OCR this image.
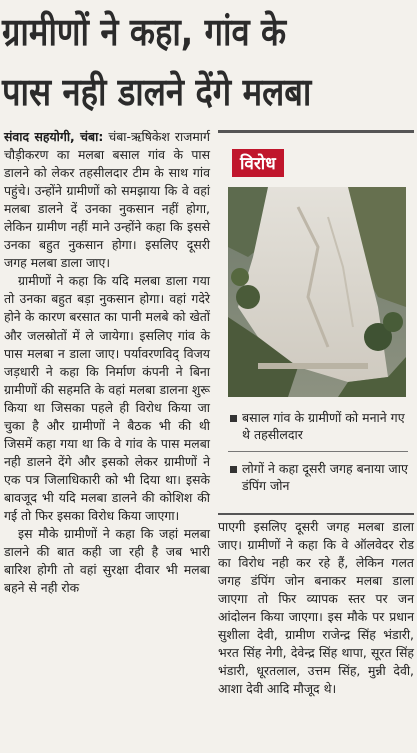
ग्रामीणों ने कहा, गांव के
पास नही डालने देंगे मलबा

संवाद सहयोगी, चंबा: चंबा-ऋषिकेश राजमार्ग चौड़ीकरण का मलबा बसाल गांव के पास डालने को लेकर तहसीलदार टीम के साथ गांव पहुंचे। उन्होंने ग्रामीणों को समझाया कि वे वहां मलबा डालने दें उनका नुकसान नहीं होगा, लेकिन ग्रामीण नहीं माने उन्होंने कहा कि इससे उनका बहुत नुकसान होगा। इसलिए दूसरी जगह मलबा डाला जाए।

ग्रामीणों ने कहा कि यदि मलबा डाला गया तो उनका बहुत बड़ा नुकसान होगा। वहां गदेरे होने के कारण बरसात का पानी मलबे को खेतों और जलस्रोतों में ले जायेगा। इसलिए गांव के पास मलबा न डाला जाए। पर्यावरणविद् विजय जड़धारी ने कहा कि निर्माण कंपनी ने बिना ग्रामीणों की सहमति के वहां मलबा डालना शुरू किया था जिसका पहले ही विरोध किया जा चुका है और ग्रामीणों ने बैठक भी की थी जिसमें कहा गया था कि वे गांव के पास मलबा नही डालने देंगे और इसको लेकर ग्रामीणों ने एक पत्र जिलाधिकारी को भी दिया था। इसके बावजूद भी यदि मलबा डालने की कोशिश की गई तो फिर इसका विरोध किया जाएगा।

इस मौके ग्रामीणों ने कहा कि जहां मलबा डालने की बात कही जा रही है जब भारी बारिश होगी तो वहां सुरक्षा दीवार भी मलबा बहने से नही रोक

विरोध
बसाल गांव के ग्रामीणों को मनाने गए थे तहसीलदार
लोगों ने कहा दूसरी जगह बनाया जाए डंपिंग जोन

पाएगी इसलिए दूसरी जगह मलबा डाला जाए। ग्रामीणों ने कहा कि वे ऑलवेदर रोड का विरोध नही कर रहे हैं, लेकिन गलत जगह डंपिंग जोन बनाकर मलबा डाला जाएगा तो फिर व्यापक स्तर पर जन आंदोलन किया जाएगा। इस मौके पर प्रधान सुशीला देवी, ग्रामीण राजेन्द्र सिंह भंडारी, भरत सिंह नेगी, देवेन्द्र सिंह थापा, सूरत सिंह भंडारी, धूरतलाल, उत्तम सिंह, मुन्नी देवी, आशा देवी आदि मौजूद थे।
